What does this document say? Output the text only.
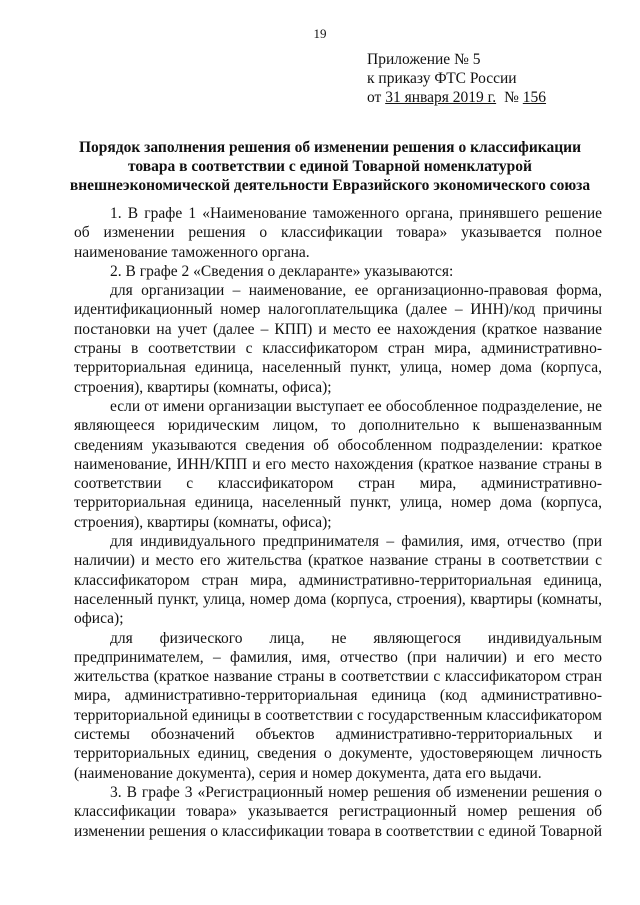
19
Приложение № 5
к приказу ФТС России
от 31 января 2019 г. № 156
Порядок заполнения решения об изменении решения о классификации
товара в соответствии с единой Товарной номенклатурой
внешнеэкономической деятельности Евразийского экономического союза

1. В графе 1 «Наименование таможенного органа, принявшего решение об изменении решения о классификации товара» указывается полное наименование таможенного органа.

2. В графе 2 «Сведения о декларанте» указываются:

для организации – наименование, ее организационно-правовая форма, идентификационный номер налогоплательщика (далее – ИНН)/код причины постановки на учет (далее – КПП) и место ее нахождения (краткое название страны в соответствии с классификатором стран мира, административно-территориальная единица, населенный пункт, улица, номер дома (корпуса, строения), квартиры (комнаты, офиса);

если от имени организации выступает ее обособленное подразделение, не являющееся юридическим лицом, то дополнительно к вышеназванным сведениям указываются сведения об обособленном подразделении: краткое наименование, ИНН/КПП и его место нахождения (краткое название страны в соответствии с классификатором стран мира, административно-территориальная единица, населенный пункт, улица, номер дома (корпуса, строения), квартиры (комнаты, офиса);

для индивидуального предпринимателя – фамилия, имя, отчество (при наличии) и место его жительства (краткое название страны в соответствии с классификатором стран мира, административно-территориальная единица, населенный пункт, улица, номер дома (корпуса, строения), квартиры (комнаты, офиса);

для физического лица, не являющегося индивидуальным предпринимателем, – фамилия, имя, отчество (при наличии) и его место жительства (краткое название страны в соответствии с классификатором стран мира, административно-территориальная единица (код административно-территориальной единицы в соответствии с государственным классификатором системы обозначений объектов административно-территориальных и территориальных единиц, сведения о документе, удостоверяющем личность (наименование документа), серия и номер документа, дата его выдачи.

3. В графе 3 «Регистрационный номер решения об изменении решения о классификации товара» указывается регистрационный номер решения об изменении решения о классификации товара в соответствии с единой Товарной
